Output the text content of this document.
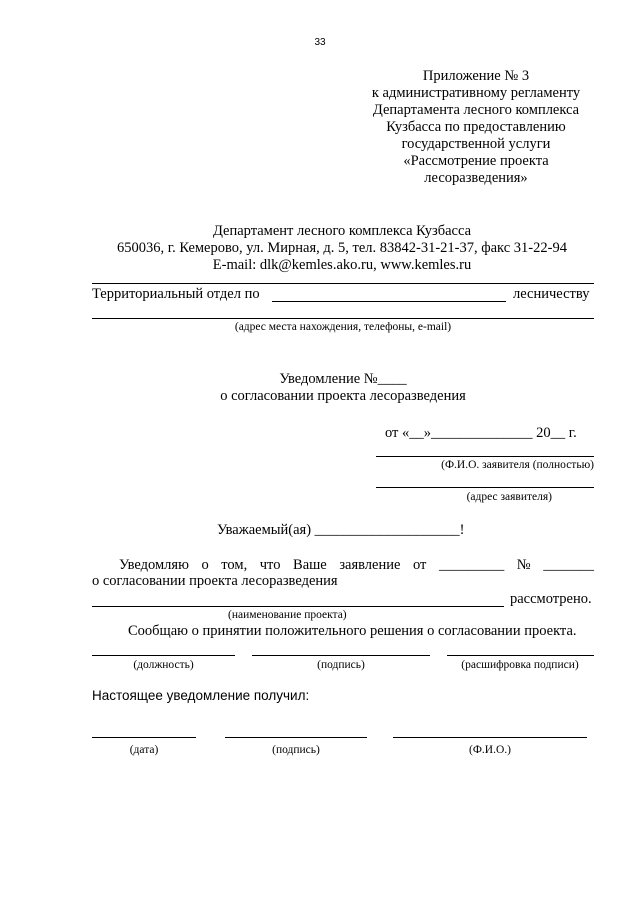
33
Приложение № 3
к административному регламенту
Департамента лесного комплекса
Кузбасса по предоставлению
государственной услуги
«Рассмотрение проекта
лесоразведения»
Департамент лесного комплекса Кузбасса
650036, г. Кемерово, ул. Мирная, д. 5, тел. 83842-31-21-37, факс 31-22-94
E-mail: dlk@kemles.ako.ru, www.kemles.ru
Территориальный отдел по	лесничеству
(адрес места нахождения, телефоны, e-mail)
Уведомление №____
о согласовании проекта лесоразведения
от «__»______________ 20__ г.
(Ф.И.О. заявителя (полностью)
(адрес заявителя)
Уважаемый(ая) ____________________!
Уведомляю о том, что Ваше заявление от _________ № _______
о согласовании проекта лесоразведения
рассмотрено.
(наименование проекта)
Сообщаю о принятии положительного решения о согласовании проекта.
(должность)	(подпись)	(расшифровка подписи)
Настоящее уведомление получил:
(дата)	(подпись)	(Ф.И.О.)
